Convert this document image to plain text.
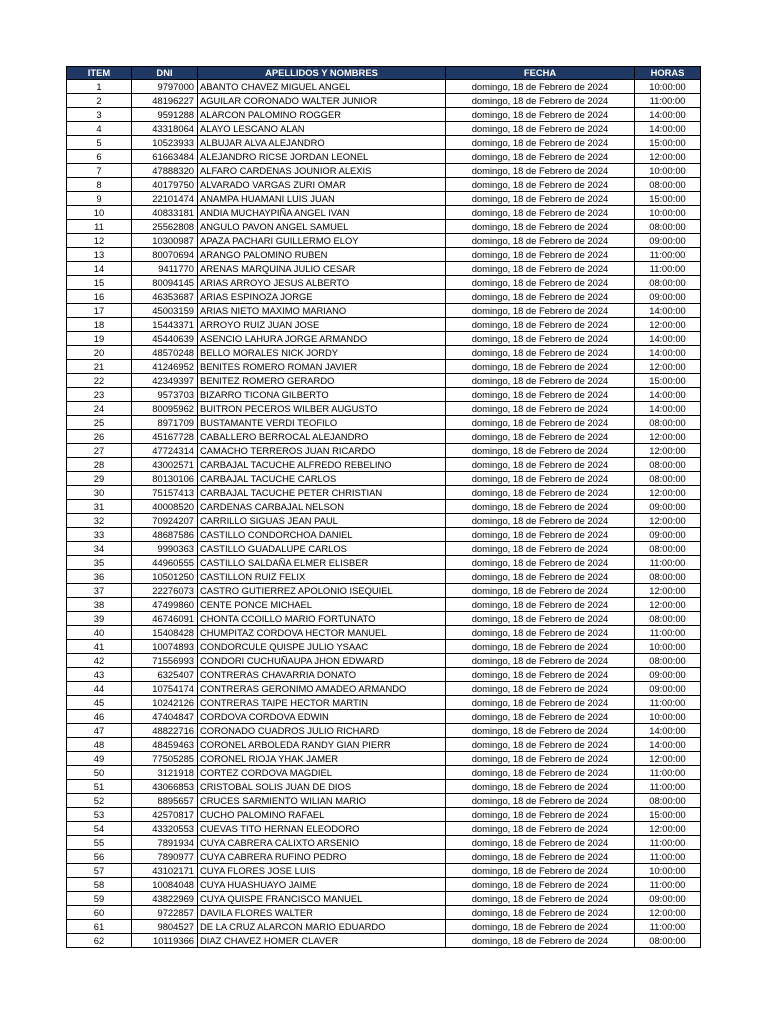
ITEM	DNI	APELLIDOS Y NOMBRES	FECHA	HORAS
1	9797000	ABANTO CHAVEZ MIGUEL ANGEL	domingo, 18 de Febrero de 2024	10:00:00
2	48196227	AGUILAR CORONADO WALTER JUNIOR	domingo, 18 de Febrero de 2024	11:00:00
3	9591288	ALARCON PALOMINO ROGGER	domingo, 18 de Febrero de 2024	14:00:00
4	43318064	ALAYO LESCANO ALAN	domingo, 18 de Febrero de 2024	14:00:00
5	10523933	ALBUJAR ALVA ALEJANDRO	domingo, 18 de Febrero de 2024	15:00:00
6	61663484	ALEJANDRO RICSE JORDAN LEONEL	domingo, 18 de Febrero de 2024	12:00:00
7	47888320	ALFARO CARDENAS JOUNIOR ALEXIS	domingo, 18 de Febrero de 2024	10:00:00
8	40179750	ALVARADO VARGAS ZURI OMAR	domingo, 18 de Febrero de 2024	08:00:00
9	22101474	ANAMPA HUAMANI LUIS JUAN	domingo, 18 de Febrero de 2024	15:00:00
10	40833181	ANDIA MUCHAYPIÑA ANGEL IVAN	domingo, 18 de Febrero de 2024	10:00:00
11	25562808	ANGULO PAVON ANGEL SAMUEL	domingo, 18 de Febrero de 2024	08:00:00
12	10300987	APAZA PACHARI GUILLERMO ELOY	domingo, 18 de Febrero de 2024	09:00:00
13	80070694	ARANGO PALOMINO RUBEN	domingo, 18 de Febrero de 2024	11:00:00
14	9411770	ARENAS MARQUINA JULIO CESAR	domingo, 18 de Febrero de 2024	11:00:00
15	80094145	ARIAS ARROYO JESUS ALBERTO	domingo, 18 de Febrero de 2024	08:00:00
16	46353687	ARIAS ESPINOZA JORGE	domingo, 18 de Febrero de 2024	09:00:00
17	45003159	ARIAS NIETO MAXIMO MARIANO	domingo, 18 de Febrero de 2024	14:00:00
18	15443371	ARROYO RUIZ JUAN JOSE	domingo, 18 de Febrero de 2024	12:00:00
19	45440639	ASENCIO LAHURA JORGE ARMANDO	domingo, 18 de Febrero de 2024	14:00:00
20	48570248	BELLO MORALES NICK JORDY	domingo, 18 de Febrero de 2024	14:00:00
21	41246952	BENITES ROMERO ROMAN JAVIER	domingo, 18 de Febrero de 2024	12:00:00
22	42349397	BENITEZ ROMERO GERARDO	domingo, 18 de Febrero de 2024	15:00:00
23	9573703	BIZARRO TICONA GILBERTO	domingo, 18 de Febrero de 2024	14:00:00
24	80095962	BUITRON PECEROS WILBER AUGUSTO	domingo, 18 de Febrero de 2024	14:00:00
25	8971709	BUSTAMANTE VERDI TEOFILO	domingo, 18 de Febrero de 2024	08:00:00
26	45167728	CABALLERO BERROCAL ALEJANDRO	domingo, 18 de Febrero de 2024	12:00:00
27	47724314	CAMACHO TERREROS JUAN RICARDO	domingo, 18 de Febrero de 2024	12:00:00
28	43002571	CARBAJAL TACUCHE ALFREDO REBELINO	domingo, 18 de Febrero de 2024	08:00:00
29	80130106	CARBAJAL TACUCHE CARLOS	domingo, 18 de Febrero de 2024	08:00:00
30	75157413	CARBAJAL TACUCHE PETER CHRISTIAN	domingo, 18 de Febrero de 2024	12:00:00
31	40008520	CARDENAS CARBAJAL NELSON	domingo, 18 de Febrero de 2024	09:00:00
32	70924207	CARRILLO SIGUAS JEAN PAUL	domingo, 18 de Febrero de 2024	12:00:00
33	48687586	CASTILLO CONDORCHOA DANIEL	domingo, 18 de Febrero de 2024	09:00:00
34	9990363	CASTILLO GUADALUPE CARLOS	domingo, 18 de Febrero de 2024	08:00:00
35	44960555	CASTILLO SALDAÑA ELMER ELISBER	domingo, 18 de Febrero de 2024	11:00:00
36	10501250	CASTILLON RUIZ FELIX	domingo, 18 de Febrero de 2024	08:00:00
37	22276073	CASTRO GUTIERREZ APOLONIO ISEQUIEL	domingo, 18 de Febrero de 2024	12:00:00
38	47499860	CENTE PONCE MICHAEL	domingo, 18 de Febrero de 2024	12:00:00
39	46746091	CHONTA CCOILLO MARIO FORTUNATO	domingo, 18 de Febrero de 2024	08:00:00
40	15408428	CHUMPITAZ CORDOVA HECTOR MANUEL	domingo, 18 de Febrero de 2024	11:00:00
41	10074893	CONDORCULE QUISPE JULIO YSAAC	domingo, 18 de Febrero de 2024	10:00:00
42	71556993	CONDORI CUCHUÑAUPA JHON EDWARD	domingo, 18 de Febrero de 2024	08:00:00
43	6325407	CONTRERAS CHAVARRIA DONATO	domingo, 18 de Febrero de 2024	09:00:00
44	10754174	CONTRERAS GERONIMO AMADEO ARMANDO	domingo, 18 de Febrero de 2024	09:00:00
45	10242126	CONTRERAS TAIPE HECTOR MARTIN	domingo, 18 de Febrero de 2024	11:00:00
46	47404847	CORDOVA CORDOVA EDWIN	domingo, 18 de Febrero de 2024	10:00:00
47	48822716	CORONADO CUADROS JULIO RICHARD	domingo, 18 de Febrero de 2024	14:00:00
48	48459463	CORONEL ARBOLEDA RANDY GIAN PIERR	domingo, 18 de Febrero de 2024	14:00:00
49	77505285	CORONEL RIOJA YHAK JAMER	domingo, 18 de Febrero de 2024	12:00:00
50	3121918	CORTEZ CORDOVA MAGDIEL	domingo, 18 de Febrero de 2024	11:00:00
51	43066853	CRISTOBAL SOLIS JUAN DE DIOS	domingo, 18 de Febrero de 2024	11:00:00
52	8895657	CRUCES SARMIENTO WILIAN MARIO	domingo, 18 de Febrero de 2024	08:00:00
53	42570817	CUCHO PALOMINO RAFAEL	domingo, 18 de Febrero de 2024	15:00:00
54	43320553	CUEVAS TITO HERNAN ELEODORO	domingo, 18 de Febrero de 2024	12:00:00
55	7891934	CUYA CABRERA CALIXTO ARSENIO	domingo, 18 de Febrero de 2024	11:00:00
56	7890977	CUYA CABRERA RUFINO PEDRO	domingo, 18 de Febrero de 2024	11:00:00
57	43102171	CUYA FLORES JOSE LUIS	domingo, 18 de Febrero de 2024	10:00:00
58	10084048	CUYA HUASHUAYO JAIME	domingo, 18 de Febrero de 2024	11:00:00
59	43822969	CUYA QUISPE FRANCISCO MANUEL	domingo, 18 de Febrero de 2024	09:00:00
60	9722857	DAVILA FLORES WALTER	domingo, 18 de Febrero de 2024	12:00:00
61	9804527	DE LA CRUZ ALARCON MARIO EDUARDO	domingo, 18 de Febrero de 2024	11:00:00
62	10119366	DIAZ CHAVEZ HOMER CLAVER	domingo, 18 de Febrero de 2024	08:00:00
